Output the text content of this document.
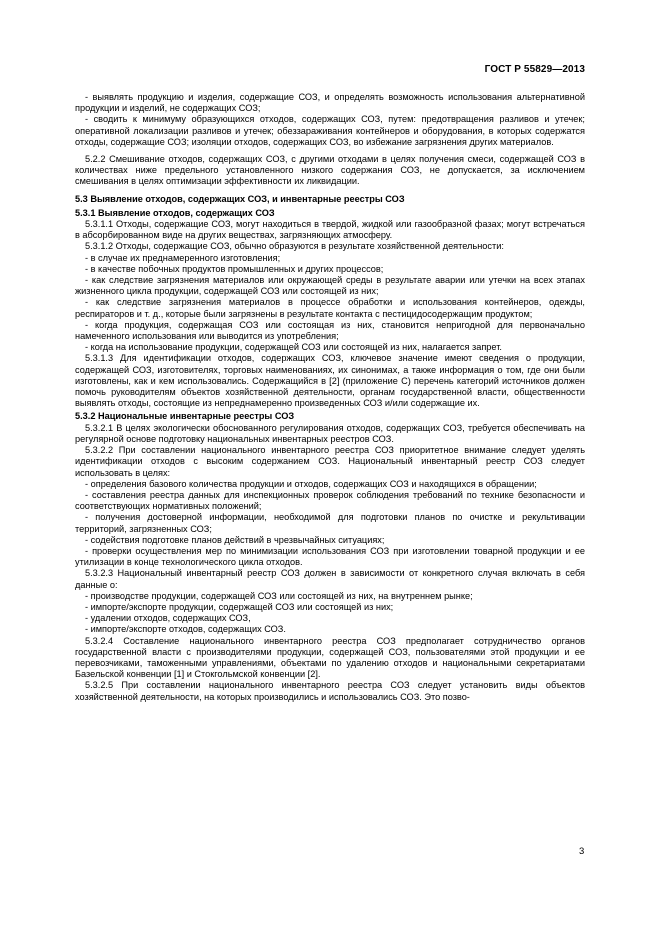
ГОСТ Р 55829—2013

- выявлять продукцию и изделия, содержащие СОЗ, и определять возможность использования альтернативной продукции и изделий, не содержащих СОЗ;

- сводить к минимуму образующихся отходов, содержащих СОЗ, путем: предотвращения разливов и утечек; оперативной локализации разливов и утечек; обеззараживания контейнеров и оборудования, в которых содержатся отходы, содержащие СОЗ; изоляции отходов, содержащих СОЗ, во избежание загрязнения других материалов.

5.2.2 Смешивание отходов, содержащих СОЗ, с другими отходами в целях получения смеси, содержащей СОЗ в количествах ниже предельного установленного низкого содержания СОЗ, не допускается, за исключением смешивания в целях оптимизации эффективности их ликвидации.

5.3 Выявление отходов, содержащих СОЗ, и инвентарные реестры СОЗ

5.3.1 Выявление отходов, содержащих СОЗ

5.3.1.1 Отходы, содержащие СОЗ, могут находиться в твердой, жидкой или газообразной фазах; могут встречаться в абсорбированном виде на других веществах, загрязняющих атмосферу.

5.3.1.2 Отходы, содержащие СОЗ, обычно образуются в результате хозяйственной деятельности:

- в случае их преднамеренного изготовления;

- в качестве побочных продуктов промышленных и других процессов;

- как следствие загрязнения материалов или окружающей среды в результате аварии или утечки на всех этапах жизненного цикла продукции, содержащей СОЗ или состоящей из них;

- как следствие загрязнения материалов в процессе обработки и использования контейнеров, одежды, респираторов и т. д., которые были загрязнены в результате контакта с пестицидосодержащим продуктом;

- когда продукция, содержащая СОЗ или состоящая из них, становится непригодной для первоначально намеченного использования или выводится из употребления;

- когда на использование продукции, содержащей СОЗ или состоящей из них, налагается запрет.

5.3.1.3 Для идентификации отходов, содержащих СОЗ, ключевое значение имеют сведения о продукции, содержащей СОЗ, изготовителях, торговых наименованиях, их синонимах, а также информация о том, где они были изготовлены, как и кем использовались. Содержащийся в [2] (приложение С) перечень категорий источников должен помочь руководителям объектов хозяйственной деятельности, органам государственной власти, общественности выявлять отходы, состоящие из непреднамеренно произведенных СОЗ и/или содержащие их.

5.3.2 Национальные инвентарные реестры СОЗ

5.3.2.1 В целях экологически обоснованного регулирования отходов, содержащих СОЗ, требуется обеспечивать на регулярной основе подготовку национальных инвентарных реестров СОЗ.

5.3.2.2 При составлении национального инвентарного реестра СОЗ приоритетное внимание следует уделять идентификации отходов с высоким содержанием СОЗ. Национальный инвентарный реестр СОЗ следует использовать в целях:

- определения базового количества продукции и отходов, содержащих СОЗ и находящихся в обращении;

- составления реестра данных для инспекционных проверок соблюдения требований по технике безопасности и соответствующих нормативных положений;

- получения достоверной информации, необходимой для подготовки планов по очистке и рекультивации территорий, загрязненных СОЗ;

- содействия подготовке планов действий в чрезвычайных ситуациях;

- проверки осуществления мер по минимизации использования СОЗ при изготовлении товарной продукции и ее утилизации в конце технологического цикла отходов.

5.3.2.3 Национальный инвентарный реестр СОЗ должен в зависимости от конкретного случая включать в себя данные о:

- производстве продукции, содержащей СОЗ или состоящей из них, на внутреннем рынке;

- импорте/экспорте продукции, содержащей СОЗ или состоящей из них;

- удалении отходов, содержащих СОЗ,

- импорте/экспорте отходов, содержащих СОЗ.

5.3.2.4 Составление национального инвентарного реестра СОЗ предполагает сотрудничество органов государственной власти с производителями продукции, содержащей СОЗ, пользователями этой продукции и ее перевозчиками, таможенными управлениями, объектами по удалению отходов и национальными секретариатами Базельской конвенции [1] и Стокгольмской конвенции [2].

5.3.2.5 При составлении национального инвентарного реестра СОЗ следует установить виды объектов хозяйственной деятельности, на которых производились и использовались СОЗ. Это позво-

3
